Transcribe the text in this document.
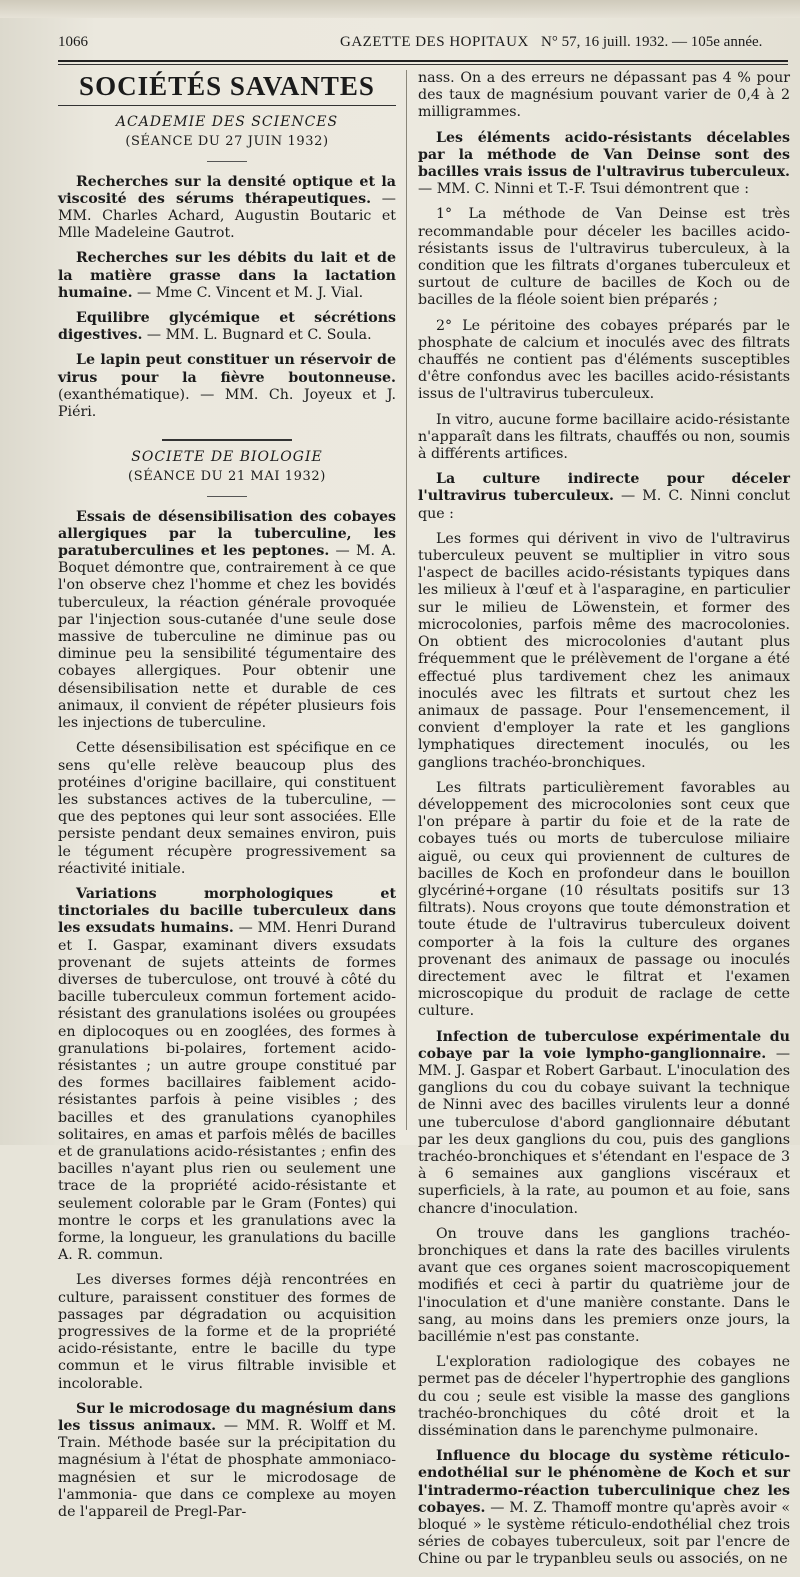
1066	GAZETTE DES HOPITAUX N° 57, 16 juill. 1932. — 105e année.
SOCIÉTÉS SAVANTES
ACADEMIE DES SCIENCES
(SÉANCE DU 27 JUIN 1932)

Recherches sur la densité optique et la viscosité des sérums thérapeutiques. — MM. Charles Achard, Augustin Boutaric et Mlle Madeleine Gautrot.

Recherches sur les débits du lait et de la matière grasse dans la lactation humaine. — Mme C. Vincent et M. J. Vial.

Equilibre glycémique et sécrétions digestives. — MM. L. Bugnard et C. Soula.

Le lapin peut constituer un réservoir de virus pour la fièvre boutonneuse. (exanthématique). — MM. Ch. Joyeux et J. Piéri.

SOCIETE DE BIOLOGIE
(SÉANCE DU 21 MAI 1932)

Essais de désensibilisation des cobayes allergiques par la tuberculine, les paratuberculines et les peptones. — M. A. Boquet démontre que, contrairement à ce que l'on observe chez l'homme et chez les bovidés tuberculeux, la réaction générale provoquée par l'injection sous-cutanée d'une seule dose massive de tuberculine ne diminue pas ou diminue peu la sensibilité tégumentaire des cobayes allergiques. Pour obtenir une désensibilisation nette et durable de ces animaux, il convient de répéter plusieurs fois les injections de tuberculine.

Cette désensibilisation est spécifique en ce sens qu'elle relève beaucoup plus des protéines d'origine bacillaire, qui constituent les substances actives de la tuberculine, — que des peptones qui leur sont associées. Elle persiste pendant deux semaines environ, puis le tégument récupère progressivement sa réactivité initiale.

Variations morphologiques et tinctoriales du bacille tuberculeux dans les exsudats humains. — MM. Henri Durand et I. Gaspar, examinant divers exsudats provenant de sujets atteints de formes diverses de tuberculose, ont trouvé à côté du bacille tuberculeux commun fortement acido-résistant des granulations isolées ou groupées en diplocoques ou en zooglées, des formes à granulations bi-polaires, fortement acido-résistantes ; un autre groupe constitué par des formes bacillaires faiblement acido-résistantes parfois à peine visibles ; des bacilles et des granulations cyanophiles solitaires, en amas et parfois mêlés de bacilles et de granulations acido-résistantes ; enfin des bacilles n'ayant plus rien ou seulement une trace de la propriété acido-résistante et seulement colorable par le Gram (Fontes) qui montre le corps et les granulations avec la forme, la longueur, les granulations du bacille A. R. commun.

Les diverses formes déjà rencontrées en culture, paraissent constituer des formes de passages par dégradation ou acquisition progressives de la forme et de la propriété acido-résistante, entre le bacille du type commun et le virus filtrable invisible et incolorable.

Sur le microdosage du magnésium dans les tissus animaux. — MM. R. Wolff et M. Train. Méthode basée sur la précipitation du magnésium à l'état de phosphate ammoniaco-magnésien et sur le microdosage de l'ammonia- que dans ce complexe au moyen de l'appareil de Pregl-Par-

nass. On a des erreurs ne dépassant pas 4 % pour des taux de magnésium pouvant varier de 0,4 à 2 milligrammes.

Les éléments acido-résistants décelables par la méthode de Van Deinse sont des bacilles vrais issus de l'ultravirus tuberculeux. — MM. C. Ninni et T.-F. Tsui démontrent que :

1° La méthode de Van Deinse est très recommandable pour déceler les bacilles acido-résistants issus de l'ultravirus tuberculeux, à la condition que les filtrats d'organes tuberculeux et surtout de culture de bacilles de Koch ou de bacilles de la fléole soient bien préparés ;

2° Le péritoine des cobayes préparés par le phosphate de calcium et inoculés avec des filtrats chauffés ne contient pas d'éléments susceptibles d'être confondus avec les bacilles acido-résistants issus de l'ultravirus tuberculeux.

In vitro, aucune forme bacillaire acido-résistante n'apparaît dans les filtrats, chauffés ou non, soumis à différents artifices.

La culture indirecte pour déceler l'ultravirus tuberculeux. — M. C. Ninni conclut que :

Les formes qui dérivent in vivo de l'ultravirus tuberculeux peuvent se multiplier in vitro sous l'aspect de bacilles acido-résistants typiques dans les milieux à l'œuf et à l'asparagine, en particulier sur le milieu de Löwenstein, et former des microcolonies, parfois même des macrocolonies. On obtient des microcolonies d'autant plus fréquemment que le prélèvement de l'organe a été effectué plus tardivement chez les animaux inoculés avec les filtrats et surtout chez les animaux de passage. Pour l'ensemencement, il convient d'employer la rate et les ganglions lymphatiques directement inoculés, ou les ganglions trachéo-bronchiques.

Les filtrats particulièrement favorables au développement des microcolonies sont ceux que l'on prépare à partir du foie et de la rate de cobayes tués ou morts de tuberculose miliaire aiguë, ou ceux qui proviennent de cultures de bacilles de Koch en profondeur dans le bouillon glycériné+organe (10 résultats positifs sur 13 filtrats). Nous croyons que toute démonstration et toute étude de l'ultravirus tuberculeux doivent comporter à la fois la culture des organes provenant des animaux de passage ou inoculés directement avec le filtrat et l'examen microscopique du produit de raclage de cette culture.

Infection de tuberculose expérimentale du cobaye par la voie lympho-ganglionnaire. — MM. J. Gaspar et Robert Garbaut. L'inoculation des ganglions du cou du cobaye suivant la technique de Ninni avec des bacilles virulents leur a donné une tuberculose d'abord ganglionnaire débutant par les deux ganglions du cou, puis des ganglions trachéo-bronchiques et s'étendant en l'espace de 3 à 6 semaines aux ganglions viscéraux et superficiels, à la rate, au poumon et au foie, sans chancre d'inoculation.

On trouve dans les ganglions trachéo-bronchiques et dans la rate des bacilles virulents avant que ces organes soient macroscopiquement modifiés et ceci à partir du quatrième jour de l'inoculation et d'une manière constante. Dans le sang, au moins dans les premiers onze jours, la bacillémie n'est pas constante.

L'exploration radiologique des cobayes ne permet pas de déceler l'hypertrophie des ganglions du cou ; seule est visible la masse des ganglions trachéo-bronchiques du côté droit et la dissémination dans le parenchyme pulmonaire.

Influence du blocage du système réticulo-endothélial sur le phénomène de Koch et sur l'intradermo-réaction tuberculinique chez les cobayes. — M. Z. Thamoff montre qu'après avoir « bloqué » le système réticulo-endothélial chez trois séries de cobayes tuberculeux, soit par l'encre de Chine ou par le trypanbleu seuls ou associés, on ne
